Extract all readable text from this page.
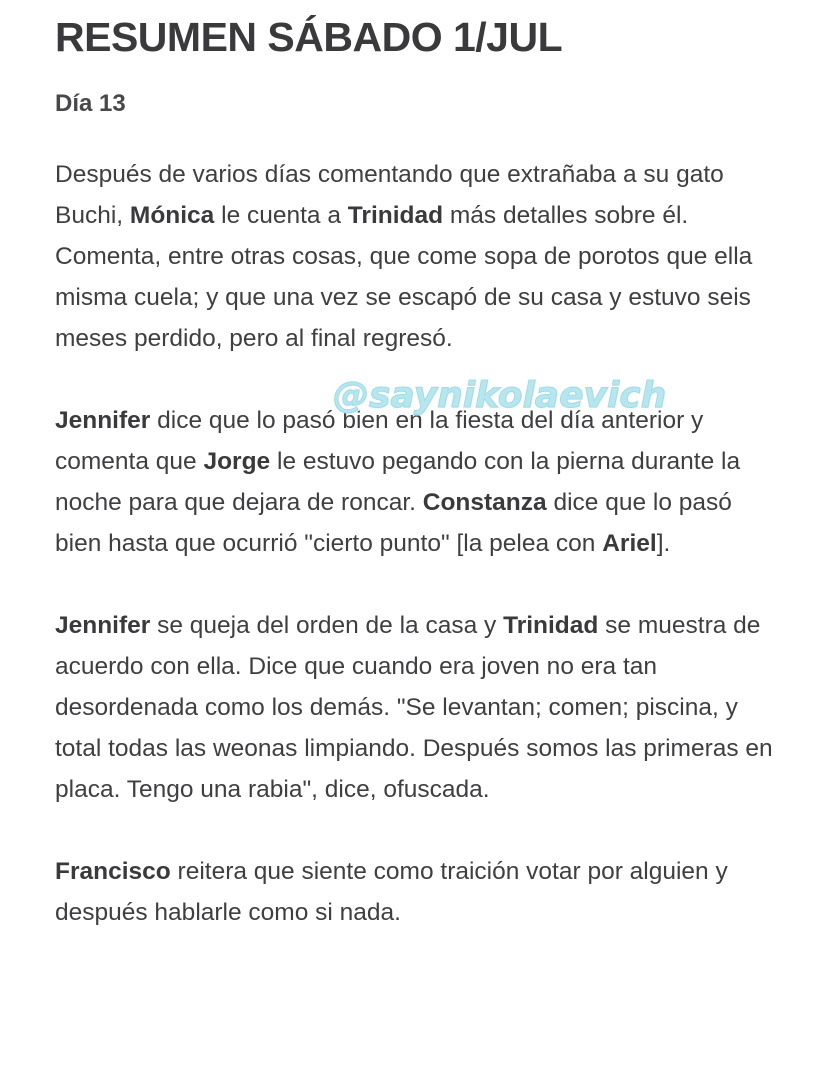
RESUMEN SÁBADO 1/JUL
Día 13

Después de varios días comentando que extrañaba a su gato Buchi, Mónica le cuenta a Trinidad más detalles sobre él. Comenta, entre otras cosas, que come sopa de porotos que ella misma cuela; y que una vez se escapó de su casa y estuvo seis meses perdido, pero al final regresó.

Jennifer dice que lo pasó bien en la fiesta del día anterior y comenta que Jorge le estuvo pegando con la pierna durante la noche para que dejara de roncar. Constanza dice que lo pasó bien hasta que ocurrió "cierto punto" [la pelea con Ariel].

Jennifer se queja del orden de la casa y Trinidad se muestra de acuerdo con ella. Dice que cuando era joven no era tan desordenada como los demás. "Se levantan; comen; piscina, y total todas las weonas limpiando. Después somos las primeras en placa. Tengo una rabia", dice, ofuscada.

Francisco reitera que siente como traición votar por alguien y después hablarle como si nada.

@saynikolaevich
